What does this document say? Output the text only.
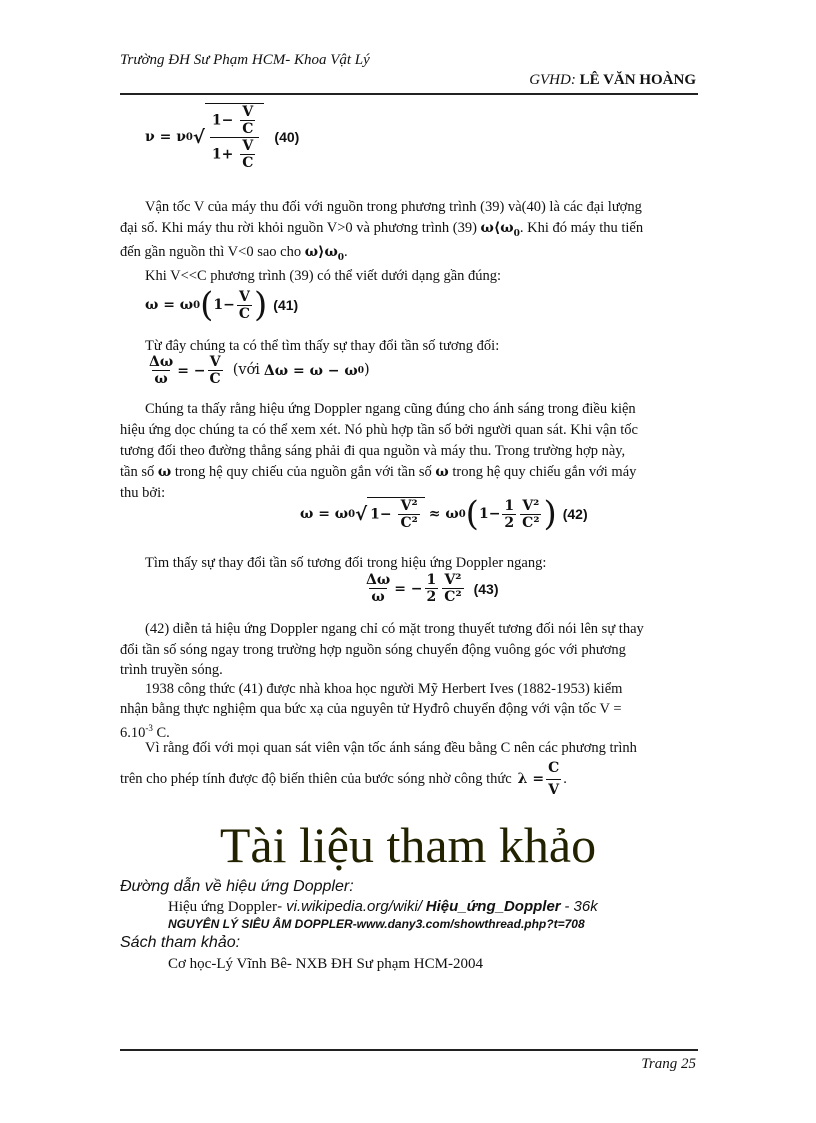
Trường ĐH Sư Phạm HCM- Khoa Vật Lý
GVHD: LÊ VĂN HOÀNG
ν = ν 0 √ $\frac{1- \frac{V}{C}}{1+ \frac{V}{C}} (40)$
Vận tốc V của máy thu đối với nguồn trong phương trình (39) và(40) là các đại lượng
đại số. Khi máy thu rời khỏi nguồn V>0 và phương trình (39) $\omega⟨\omega_0$. Khi đó máy thu tiến
đến gần nguồn thì V<0 sao cho $\omega⟩\omega_0$.
Khi V<<C phương trình (39) có thể viết dưới dạng gần đúng:
ω = ω 0 ( $1 - \frac{V}{C}$ ) (41)
Từ đây chúng ta có thể tìm thấy sự thay đổi tần số tương đối:
$\frac{\Delta\omega}{\omega}$ = − $\frac{V}{C}$ (với Δω = ω − ω 0 )
Chúng ta thấy rằng hiệu ứng Doppler ngang cũng đúng cho ánh sáng trong điều kiện
hiệu ứng dọc chúng ta có thể xem xét. Nó phù hợp tần số bởi người quan sát. Khi vận tốc
tương đối theo đường thẳng sáng phải đi qua nguồn và máy thu. Trong trường hợp này,
tần số ω trong hệ quy chiếu của nguồn gắn với tần số ω trong hệ quy chiếu gắn với máy
thu bởi:
ω = ω 0 √ $1- \frac{\text{V²}}{\text{C²}} \approx \omega$ 0 ( $1 - \frac{1}{2} \frac{\text{V²}}{\text{C²}}$ ) (42)
Tìm thấy sự thay đổi tần số tương đối trong hiệu ứng Doppler ngang:
$\frac{\Delta\omega}{\omega}$ = − $\frac{1}{2} \frac{\text{V²}}{\text{C²}} (43)$
(42) diễn tả hiệu ứng Doppler ngang chỉ có mặt trong thuyết tương đối nói lên sự thay
đổi tần số sóng ngay trong trường hợp nguồn sóng chuyển động vuông góc với phương
trình truyền sóng.
1938 công thức (41) được nhà khoa học người Mỹ Herbert Ives (1882-1953) kiểm
nhận bằng thực nghiệm qua bức xạ của nguyên tử Hyđrô chuyển động với vận tốc V =
$6.10^{-3}$ C.
Vì rằng đối với mọi quan sát viên vận tốc ánh sáng đều bằng C nên các phương trình
trên cho phép tính được độ biến thiên của bước sóng nhờ công thức $\lambda = \frac{C}{V}$ .
Tài liệu tham khảo
Đường dẫn về hiệu ứng Doppler:
Hiệu ứng Doppler- vi.wikipedia.org/wiki/ Hiệu_ứng_Doppler - 36k
NGUYÊN LÝ SIÊU ÂM DOPPLER-www.dany3.com/showthread.php?t=708
Sách tham khảo:
Cơ học-Lý Vĩnh Bê- NXB ĐH Sư phạm HCM-2004
Trang 25
